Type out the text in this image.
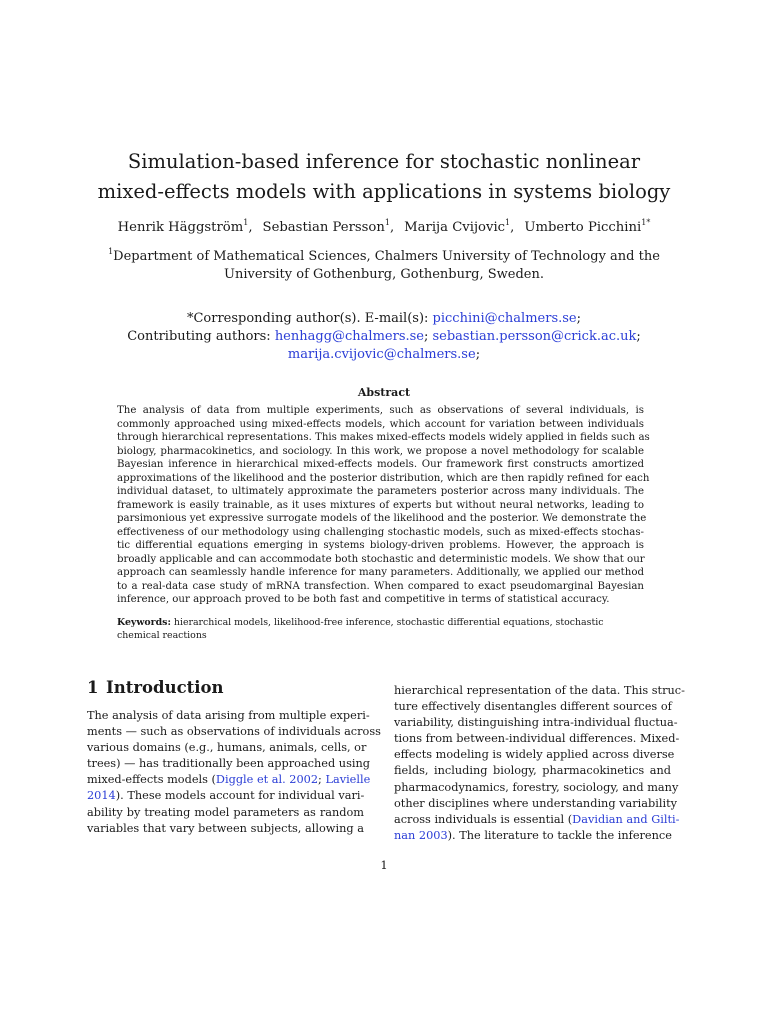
Simulation-based inference for stochastic nonlinear
mixed-effects models with applications in systems biology
Henrik Häggström$^1$, Sebastian Persson$^1$, Marija Cvijovic$^1$, Umberto Picchini$^{1*}$
$^1$Department of Mathematical Sciences, Chalmers University of Technology and the
University of Gothenburg, Gothenburg, Sweden.
*Corresponding author(s). E-mail(s): picchini@chalmers.se;
Contributing authors: henhagg@chalmers.se; sebastian.persson@crick.ac.uk;
marija.cvijovic@chalmers.se;
Abstract
The analysis of data from multiple experiments, such as observations of several individuals, is
commonly approached using mixed-effects models, which account for variation between individuals
through hierarchical representations. This makes mixed-effects models widely applied in fields such as
biology, pharmacokinetics, and sociology. In this work, we propose a novel methodology for scalable
Bayesian inference in hierarchical mixed-effects models. Our framework first constructs amortized
approximations of the likelihood and the posterior distribution, which are then rapidly refined for each
individual dataset, to ultimately approximate the parameters posterior across many individuals. The
framework is easily trainable, as it uses mixtures of experts but without neural networks, leading to
parsimonious yet expressive surrogate models of the likelihood and the posterior. We demonstrate the
effectiveness of our methodology using challenging stochastic models, such as mixed-effects stochas-
tic differential equations emerging in systems biology-driven problems. However, the approach is
broadly applicable and can accommodate both stochastic and deterministic models. We show that our
approach can seamlessly handle inference for many parameters. Additionally, we applied our method
to a real-data case study of mRNA transfection. When compared to exact pseudomarginal Bayesian
inference, our approach proved to be both fast and competitive in terms of statistical accuracy.
Keywords: hierarchical models, likelihood-free inference, stochastic differential equations, stochastic
chemical reactions
1 Introduction
The analysis of data arising from multiple experi-
ments — such as observations of individuals across
various domains (e.g., humans, animals, cells, or
trees) — has traditionally been approached using
mixed-effects models (Diggle et al. 2002; Lavielle
2014). These models account for individual vari-
ability by treating model parameters as random
variables that vary between subjects, allowing a
hierarchical representation of the data. This struc-
ture effectively disentangles different sources of
variability, distinguishing intra-individual fluctua-
tions from between-individual differences. Mixed-
effects modeling is widely applied across diverse
fields, including biology, pharmacokinetics and
pharmacodynamics, forestry, sociology, and many
other disciplines where understanding variability
across individuals is essential (Davidian and Gilti-
nan 2003). The literature to tackle the inference
1
